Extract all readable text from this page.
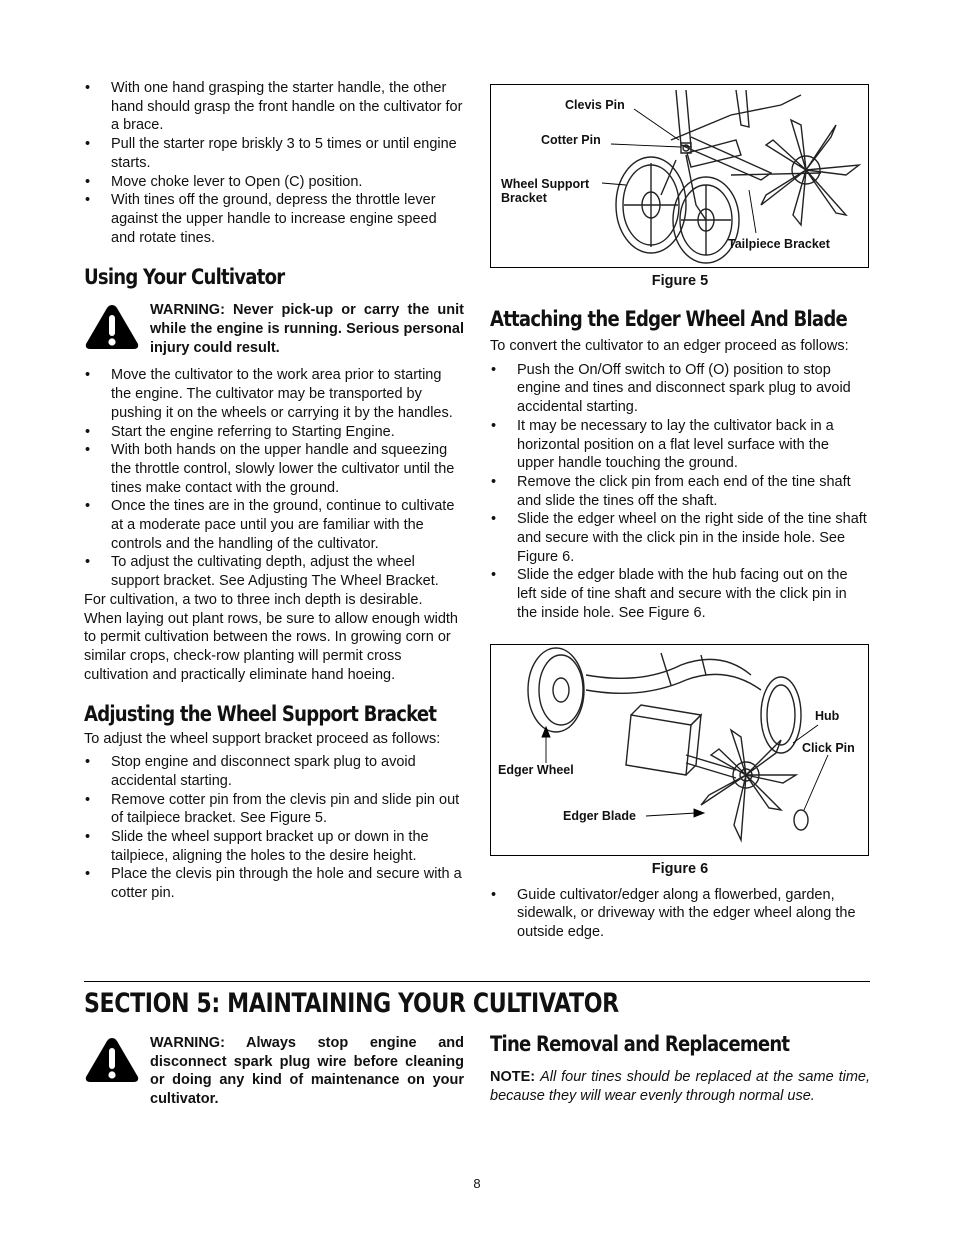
• With one hand grasping the starter handle, the other hand should grasp the front handle on the cultivator for a brace.
• Pull the starter rope briskly 3 to 5 times or until engine starts.
• Move choke lever to Open (C) position.
• With tines off the ground, depress the throttle lever against the upper handle to increase engine speed and rotate tines.
Using Your Cultivator
WARNING: Never pick-up or carry the unit while the engine is running. Serious personal injury could result.
• Move the cultivator to the work area prior to starting the engine. The cultivator may be transported by pushing it on the wheels or carrying it by the handles.
• Start the engine referring to Starting Engine.
• With both hands on the upper handle and squeezing the throttle control, slowly lower the cultivator until the tines make contact with the ground.
• Once the tines are in the ground, continue to cultivate at a moderate pace until you are familiar with the controls and the handling of the cultivator.
• To adjust the cultivating depth, adjust the wheel support bracket. See Adjusting The Wheel Bracket.

For cultivation, a two to three inch depth is desirable. When laying out plant rows, be sure to allow enough width to permit cultivation between the rows. In growing corn or similar crops, check-row planting will permit cross cultivation and practically eliminate hand hoeing.

Adjusting the Wheel Support Bracket

To adjust the wheel support bracket proceed as follows:

• Stop engine and disconnect spark plug to avoid accidental starting.
• Remove cotter pin from the clevis pin and slide pin out of tailpiece bracket. See Figure 5.
• Slide the wheel support bracket up or down in the tailpiece, aligning the holes to the desire height.
• Place the clevis pin through the hole and secure with a cotter pin.
Clevis Pin
Cotter Pin
Wheel Support Bracket
Tailpiece Bracket
Figure 5
Attaching the Edger Wheel And Blade

To convert the cultivator to an edger proceed as follows:

• Push the On/Off switch to Off (O) position to stop engine and tines and disconnect spark plug to avoid accidental starting.
• It may be necessary to lay the cultivator back in a horizontal position on a flat level surface with the upper handle touching the ground.
• Remove the click pin from each end of the tine shaft and slide the tines off the shaft.
• Slide the edger wheel on the right side of the tine shaft and secure with the click pin in the inside hole. See Figure 6.
• Slide the edger blade with the hub facing out on the left side of tine shaft and secure with the click pin in the inside hole. See Figure 6.
Hub
Click Pin
Edger Wheel
Edger Blade
Figure 6
• Guide cultivator/edger along a flowerbed, garden, sidewalk, or driveway with the edger wheel along the outside edge.
SECTION 5: MAINTAINING YOUR CULTIVATOR
WARNING: Always stop engine and disconnect spark plug wire before cleaning or doing any kind of maintenance on your cultivator.
Tine Removal and Replacement

NOTE: All four tines should be replaced at the same time, because they will wear evenly through normal use.

8
